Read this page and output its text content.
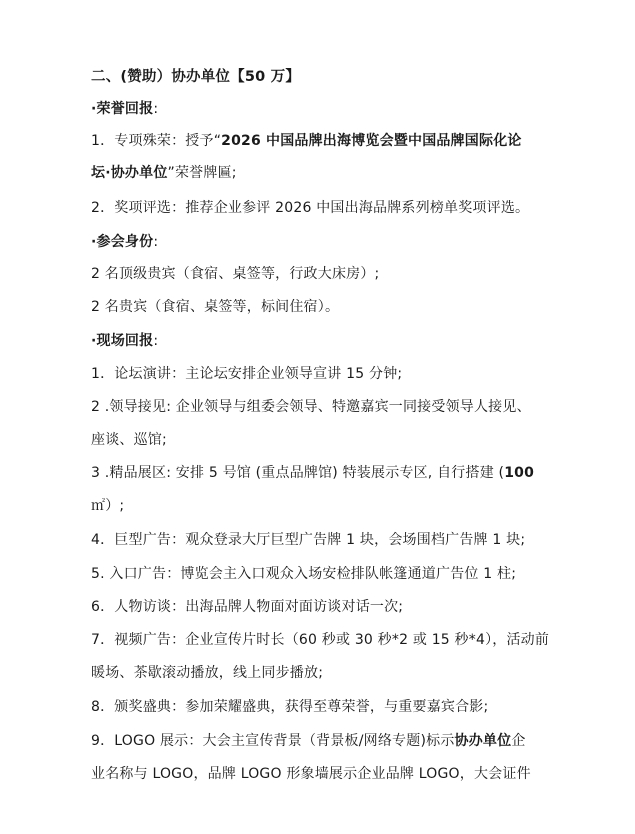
二、(赞助）协办单位【50 万】
·荣誉回报:
1．专项殊荣：授予“2026 中国品牌出海博览会暨中国品牌国际化论
坛·协办单位”荣誉牌匾;
2．奖项评选：推荐企业参评 2026 中国出海品牌系列榜单奖项评选。
·参会身份:
2 名顶级贵宾（食宿、桌签等，行政大床房）;
2 名贵宾（食宿、桌签等，标间住宿）。
·现场回报:
1．论坛演讲：主论坛安排企业领导宣讲 15 分钟;
2 .领导接见: 企业领导与组委会领导、特邀嘉宾一同接受领导人接见、
座谈、巡馆;
3 .精品展区: 安排 5 号馆 (重点品牌馆) 特装展示专区, 自行搭建 (100
㎡）;
4．巨型广告：观众登录大厅巨型广告牌 1 块，会场围档广告牌 1 块;
5. 入口广告：博览会主入口观众入场安检排队帐篷通道广告位 1 柱;
6．人物访谈：出海品牌人物面对面访谈对话一次;
7．视频广告：企业宣传片时长（60 秒或 30 秒*2 或 15 秒*4），活动前
暖场、茶歇滚动播放，线上同步播放;
8．颁奖盛典：参加荣耀盛典，获得至尊荣誉，与重要嘉宾合影;
9．LOGO 展示：大会主宣传背景（背景板/网络专题)标示协办单位企
业名称与 LOGO，品牌 LOGO 形象墙展示企业品牌 LOGO，大会证件
